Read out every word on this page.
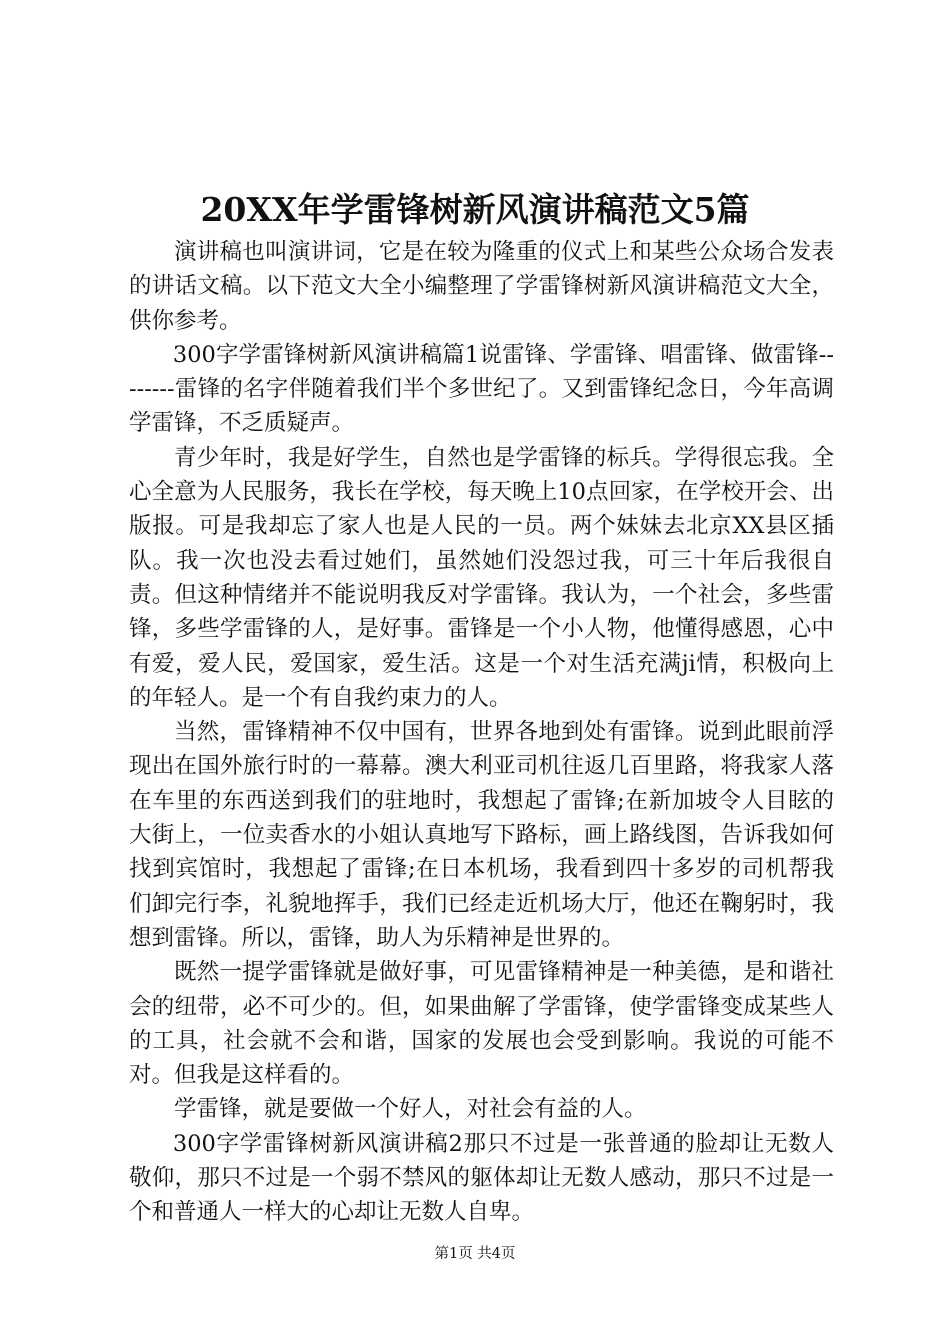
20XX年学雷锋树新风演讲稿范文5篇

演讲稿也叫演讲词，它是在较为隆重的仪式上和某些公众场合发表的讲话文稿。以下范文大全小编整理了学雷锋树新风演讲稿范文大全，供你参考。

300字学雷锋树新风演讲稿篇1说雷锋、学雷锋、唱雷锋、做雷锋--------雷锋的名字伴随着我们半个多世纪了。又到雷锋纪念日，今年高调学雷锋，不乏质疑声。

青少年时，我是好学生，自然也是学雷锋的标兵。学得很忘我。全心全意为人民服务，我长在学校，每天晚上10点回家，在学校开会、出版报。可是我却忘了家人也是人民的一员。两个妹妹去北京XX县区插队。我一次也没去看过她们，虽然她们没怨过我，可三十年后我很自责。但这种情绪并不能说明我反对学雷锋。我认为，一个社会，多些雷锋，多些学雷锋的人，是好事。雷锋是一个小人物，他懂得感恩，心中有爱，爱人民，爱国家，爱生活。这是一个对生活充满ji情，积极向上的年轻人。是一个有自我约束力的人。

当然，雷锋精神不仅中国有，世界各地到处有雷锋。说到此眼前浮现出在国外旅行时的一幕幕。澳大利亚司机往返几百里路，将我家人落在车里的东西送到我们的驻地时，我想起了雷锋;在新加坡令人目眩的大街上，一位卖香水的小姐认真地写下路标，画上路线图，告诉我如何找到宾馆时，我想起了雷锋;在日本机场，我看到四十多岁的司机帮我们卸完行李，礼貌地挥手，我们已经走近机场大厅，他还在鞠躬时，我想到雷锋。所以，雷锋，助人为乐精神是世界的。

既然一提学雷锋就是做好事，可见雷锋精神是一种美德，是和谐社会的纽带，必不可少的。但，如果曲解了学雷锋，使学雷锋变成某些人的工具，社会就不会和谐，国家的发展也会受到影响。我说的可能不对。但我是这样看的。

学雷锋，就是要做一个好人，对社会有益的人。

300字学雷锋树新风演讲稿2那只不过是一张普通的脸却让无数人敬仰，那只不过是一个弱不禁风的躯体却让无数人感动，那只不过是一个和普通人一样大的心却让无数人自卑。

第1页 共4页
